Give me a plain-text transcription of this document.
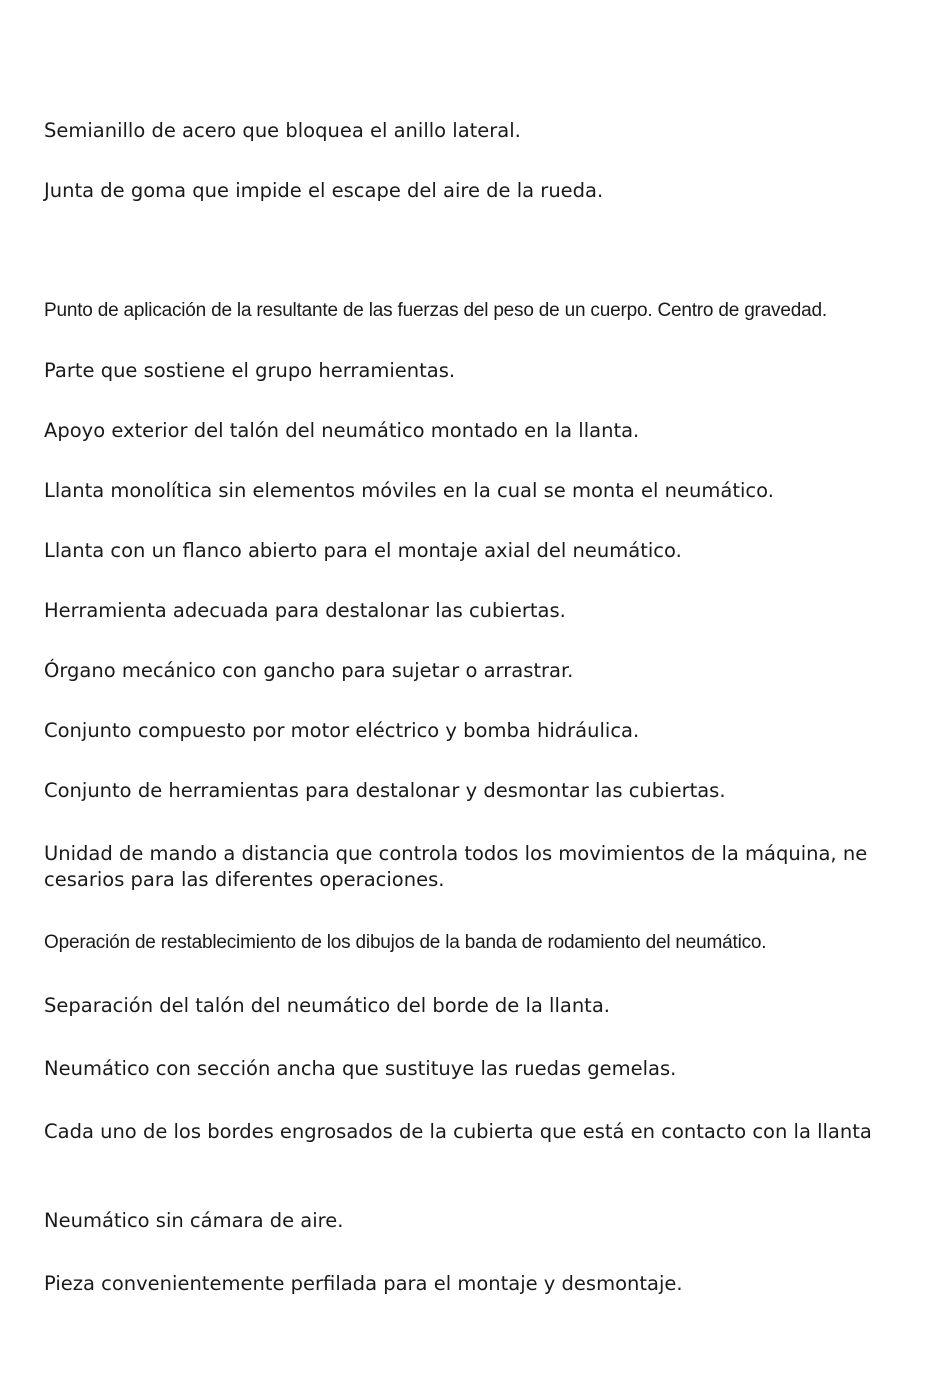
Semianillo de acero que bloquea el anillo lateral.

Junta de goma que impide el escape del aire de la rueda.

Punto de aplicación de la resultante de las fuerzas del peso de un cuerpo. Centro de gravedad.

Parte que sostiene el grupo herramientas.

Apoyo exterior del talón del neumático montado en la llanta.

Llanta monolítica sin elementos móviles en la cual se monta el neumático.

Llanta con un flanco abierto para el montaje axial del neumático.

Herramienta adecuada para destalonar las cubiertas.

Órgano mecánico con gancho para sujetar o arrastrar.

Conjunto compuesto por motor eléctrico y bomba hidráulica.

Conjunto de herramientas para destalonar y desmontar las cubiertas.

Unidad de mando a distancia que controla todos los movimientos de la máquina, ne

cesarios para las diferentes operaciones.

Operación de restablecimiento de los dibujos de la banda de rodamiento del neumático.

Separación del talón del neumático del borde de la llanta.

Neumático con sección ancha que sustituye las ruedas gemelas.

Cada uno de los bordes engrosados de la cubierta que está en contacto con la llanta

Neumático sin cámara de aire.

Pieza convenientemente perfilada para el montaje y desmontaje.
